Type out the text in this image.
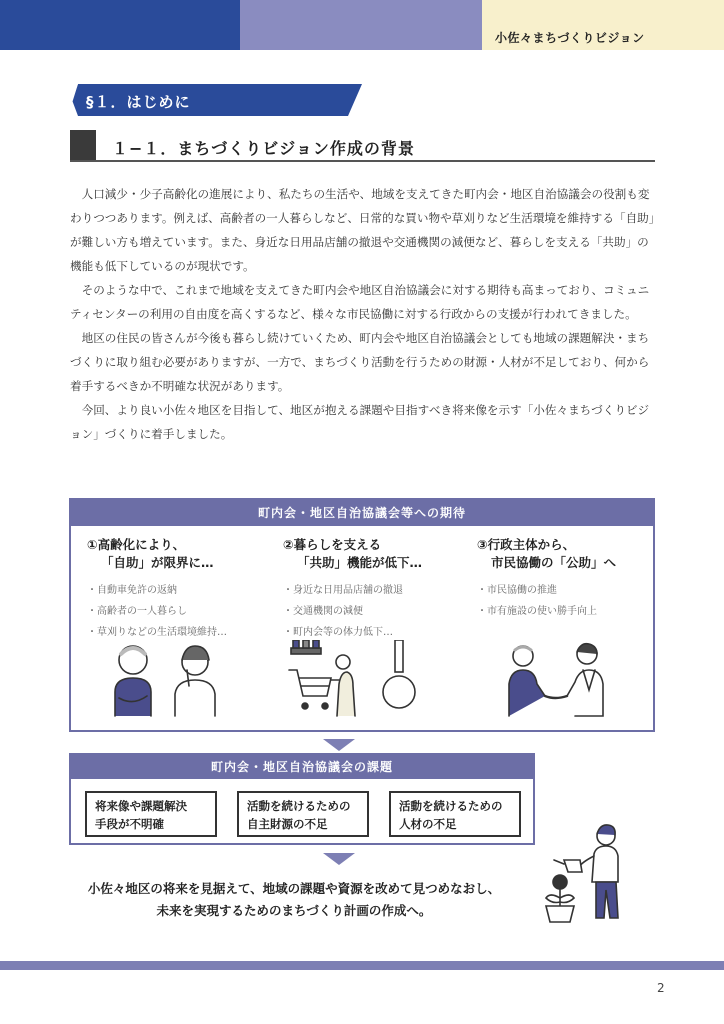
小佐々まちづくりビジョン
§１．はじめに
１−１．まちづくりビジョン作成の背景

人口減少・少子高齢化の進展により、私たちの生活や、地域を支えてきた町内会・地区自治協議会の役割も変わりつつあります。例えば、高齢者の一人暮らしなど、日常的な買い物や草刈りなど生活環境を維持する「自助」が難しい方も増えています。また、身近な日用品店舗の撤退や交通機関の減便など、暮らしを支える「共助」の機能も低下しているのが現状です。

そのような中で、これまで地域を支えてきた町内会や地区自治協議会に対する期待も高まっており、コミュニティセンターの利用の自由度を高くするなど、様々な市民協働に対する行政からの支援が行われてきました。

地区の住民の皆さんが今後も暮らし続けていくため、町内会や地区自治協議会としても地域の課題解決・まちづくりに取り組む必要がありますが、一方で、まちづくり活動を行うための財源・人材が不足しており、何から着手するべきか不明確な状況があります。

今回、より良い小佐々地区を目指して、地区が抱える課題や目指すべき将来像を示す「小佐々まちづくりビジョン」づくりに着手しました。

町内会・地区自治協議会等への期待
①高齢化により、
「自助」が限界に…
・自動車免許の返納
・高齢者の一人暮らし
・草刈りなどの生活環境維持…
②暮らしを支える
「共助」機能が低下…
・身近な日用品店舗の撤退
・交通機関の減便
・町内会等の体力低下…
③行政主体から、
市民協働の「公助」へ
・市民協働の推進
・市有施設の使い勝手向上
町内会・地区自治協議会の課題
将来像や課題解決
手段が不明確
活動を続けるための
自主財源の不足
活動を続けるための
人材の不足
小佐々地区の将来を見据えて、地域の課題や資源を改めて見つめなおし、
未来を実現するためのまちづくり計画の作成へ。
2
